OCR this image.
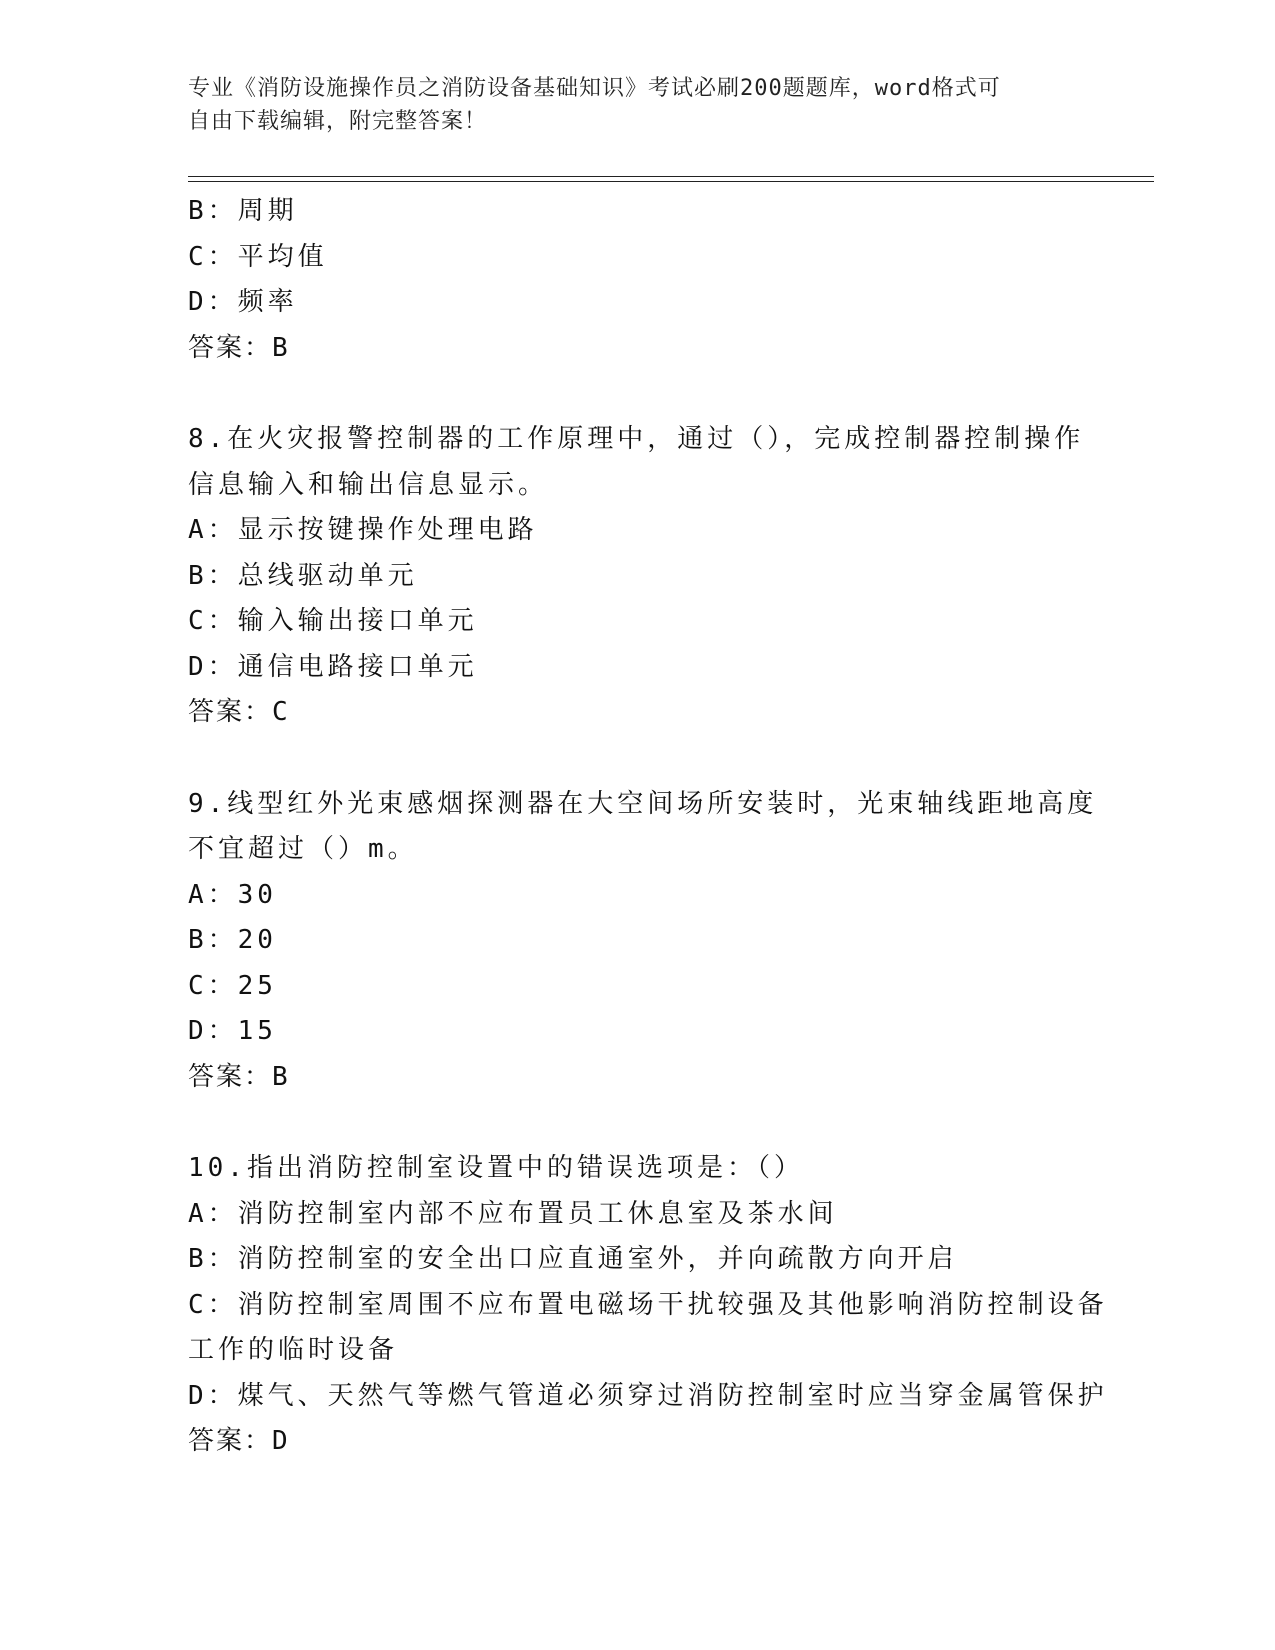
专业《消防设施操作员之消防设备基础知识》考试必刷200题题库，word格式可
自由下载编辑，附完整答案！

B：周期

C：平均值

D：频率

答案：B

8.在火灾报警控制器的工作原理中，通过（），完成控制器控制操作

信息输入和输出信息显示。

A：显示按键操作处理电路

B：总线驱动单元

C：输入输出接口单元

D：通信电路接口单元

答案：C

9.线型红外光束感烟探测器在大空间场所安装时，光束轴线距地高度

不宜超过（）m。

A：30

B：20

C：25

D：15

答案：B

10.指出消防控制室设置中的错误选项是：（）

A：消防控制室内部不应布置员工休息室及茶水间

B：消防控制室的安全出口应直通室外，并向疏散方向开启

C：消防控制室周围不应布置电磁场干扰较强及其他影响消防控制设备

工作的临时设备

D：煤气、天然气等燃气管道必须穿过消防控制室时应当穿金属管保护

答案：D
